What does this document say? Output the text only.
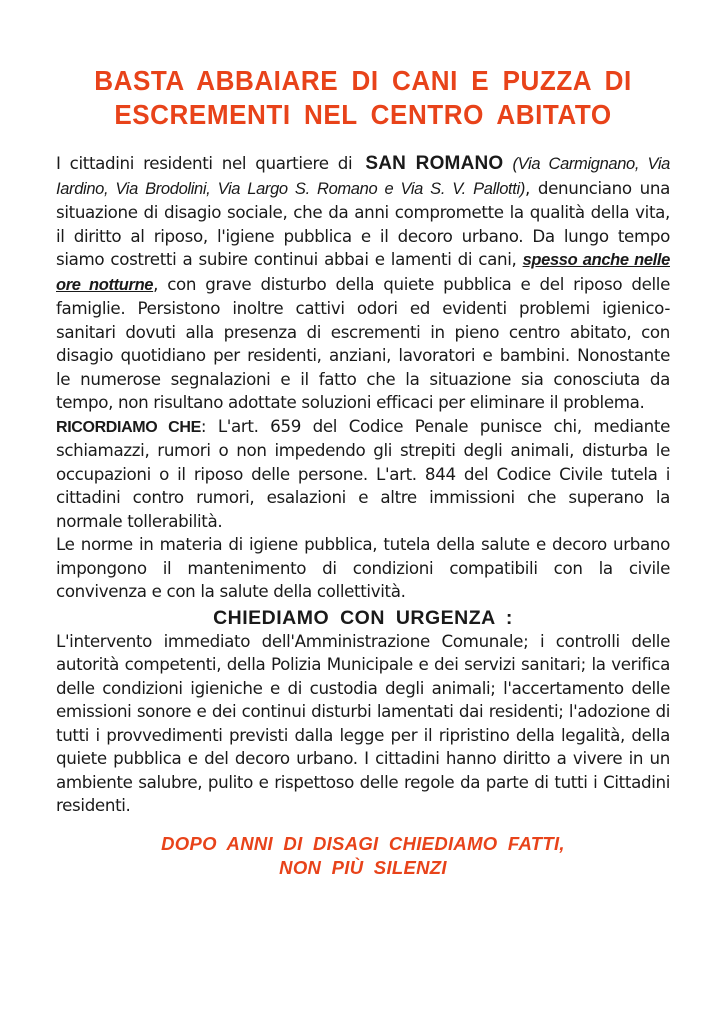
BASTA ABBAIARE DI CANI E PUZZA DI
ESCREMENTI NEL CENTRO ABITATO

I cittadini residenti nel quartiere di SAN ROMANO (Via Carmignano, Via Iardino, Via Brodolini, Via Largo S. Romano e Via S. V. Pallotti), denunciano una situazione di disagio sociale, che da anni compromette la qualità della vita, il diritto al riposo, l'igiene pubblica e il decoro urbano. Da lungo tempo siamo costretti a subire continui abbai e lamenti di cani, spesso anche nelle ore notturne, con grave disturbo della quiete pubblica e del riposo delle famiglie. Persistono inoltre cattivi odori ed evidenti problemi igienico-sanitari dovuti alla presenza di escrementi in pieno centro abitato, con disagio quotidiano per residenti, anziani, lavoratori e bambini. Nonostante le numerose segnalazioni e il fatto che la situazione sia conosciuta da tempo, non risultano adottate soluzioni efficaci per eliminare il problema.

RICORDIAMO CHE: L'art. 659 del Codice Penale punisce chi, mediante schiamazzi, rumori o non impedendo gli strepiti degli animali, disturba le occupazioni o il riposo delle persone. L'art. 844 del Codice Civile tutela i cittadini contro rumori, esalazioni e altre immissioni che superano la normale tollerabilità.

Le norme in materia di igiene pubblica, tutela della salute e decoro urbano impongono il mantenimento di condizioni compatibili con la civile convivenza e con la salute della collettività.

CHIEDIAMO CON URGENZA :

L'intervento immediato dell'Amministrazione Comunale; i controlli delle autorità competenti, della Polizia Municipale e dei servizi sanitari; la verifica delle condizioni igieniche e di custodia degli animali; l'accertamento delle emissioni sonore e dei continui disturbi lamentati dai residenti; l'adozione di tutti i provvedimenti previsti dalla legge per il ripristino della legalità, della quiete pubblica e del decoro urbano. I cittadini hanno diritto a vivere in un ambiente salubre, pulito e rispettoso delle regole da parte di tutti i Cittadini residenti.

DOPO ANNI DI DISAGI CHIEDIAMO FATTI,
NON PIÙ SILENZI
